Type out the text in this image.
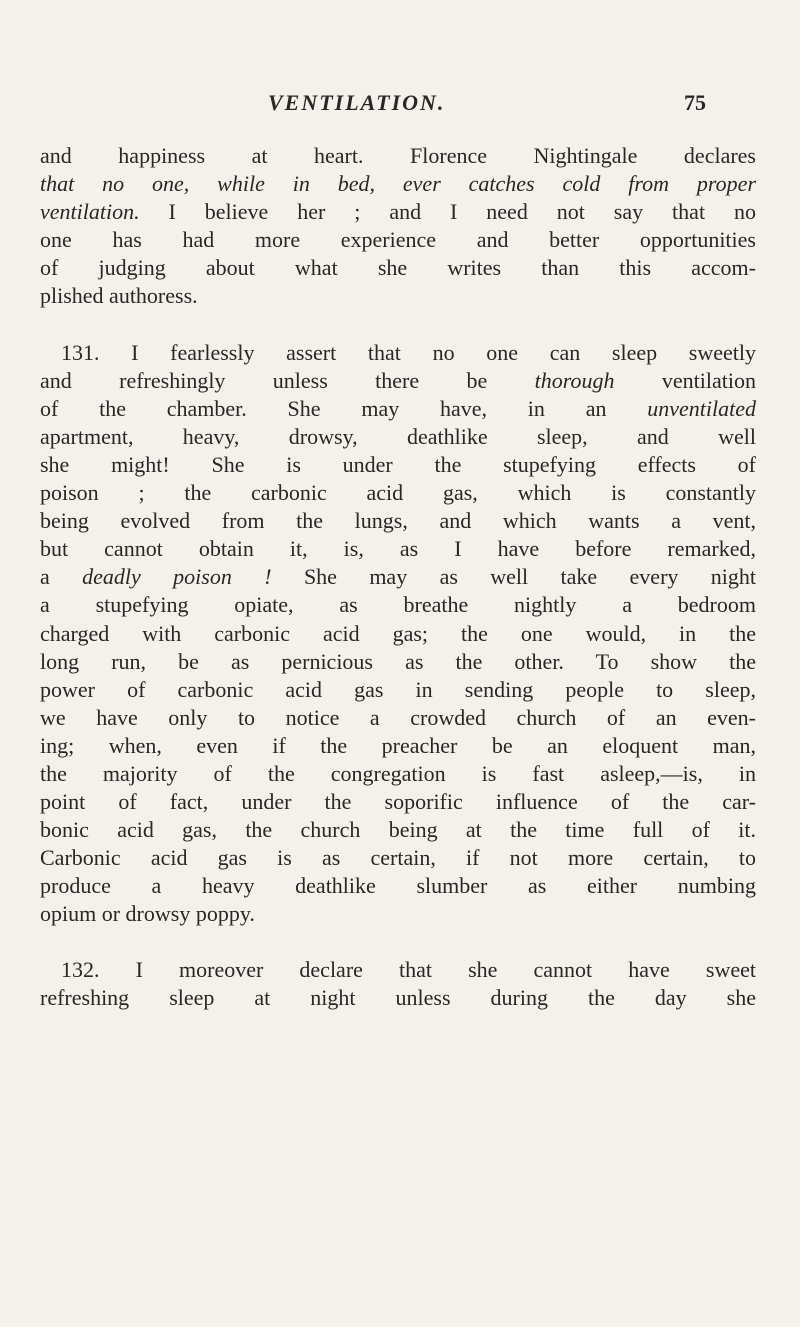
VENTILATION.	75
and happiness at heart. Florence Nightingale declares
that no one, while in bed, ever catches cold from proper
ventilation. I believe her ; and I need not say that no
one has had more experience and better opportunities
of judging about what she writes than this accom-
plished authoress.
131. I fearlessly assert that no one can sleep sweetly
and refreshingly unless there be thorough ventilation
of the chamber. She may have, in an unventilated
apartment, heavy, drowsy, deathlike sleep, and well
she might! She is under the stupefying effects of
poison ; the carbonic acid gas, which is constantly
being evolved from the lungs, and which wants a vent,
but cannot obtain it, is, as I have before remarked,
a deadly poison ! She may as well take every night
a stupefying opiate, as breathe nightly a bedroom
charged with carbonic acid gas; the one would, in the
long run, be as pernicious as the other. To show the
power of carbonic acid gas in sending people to sleep,
we have only to notice a crowded church of an even-
ing; when, even if the preacher be an eloquent man,
the majority of the congregation is fast asleep,—is, in
point of fact, under the soporific influence of the car-
bonic acid gas, the church being at the time full of it.
Carbonic acid gas is as certain, if not more certain, to
produce a heavy deathlike slumber as either numbing
opium or drowsy poppy.
132. I moreover declare that she cannot have sweet
refreshing sleep at night unless during the day she
